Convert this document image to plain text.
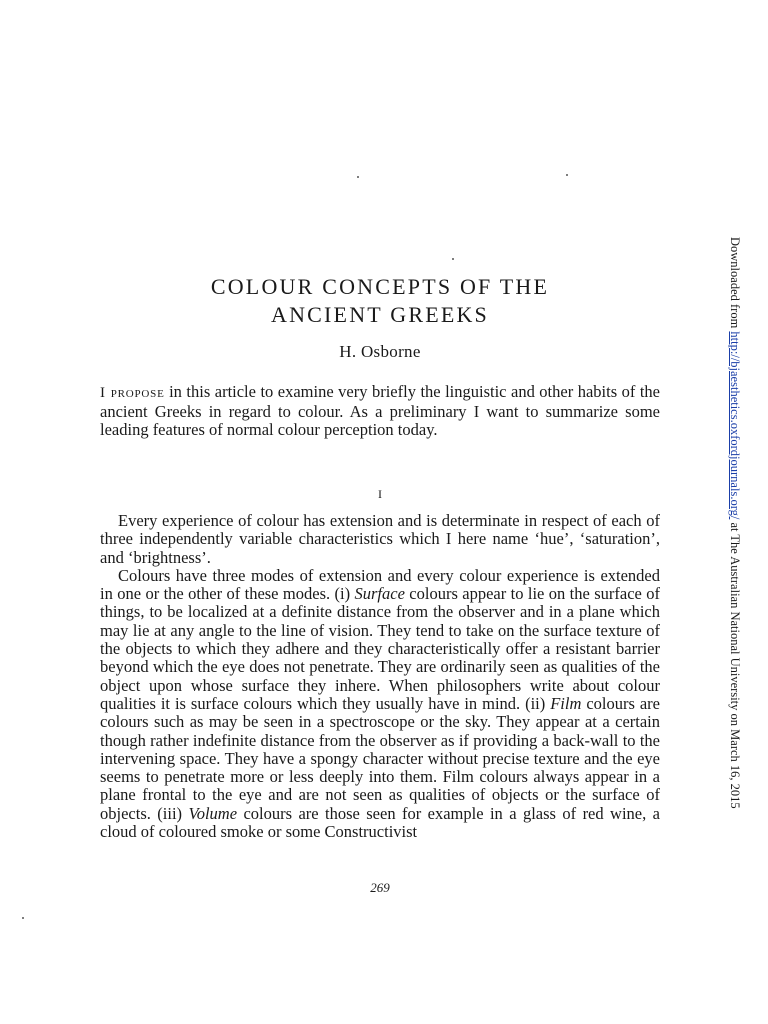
COLOUR CONCEPTS OF THE
ANCIENT GREEKS
H. Osborne

I propose in this article to examine very briefly the linguistic and other habits of the ancient Greeks in regard to colour. As a preliminary I want to summarize some leading features of normal colour perception today.

I

Every experience of colour has extension and is determinate in respect of each of three independently variable characteristics which I here name ‘hue’, ‘saturation’, and ‘brightness’.

Colours have three modes of extension and every colour experience is extended in one or the other of these modes. (i) Surface colours appear to lie on the surface of things, to be localized at a definite distance from the observer and in a plane which may lie at any angle to the line of vision. They tend to take on the surface texture of the objects to which they adhere and they characteristically offer a resistant barrier beyond which the eye does not penetrate. They are ordinarily seen as qualities of the object upon whose surface they inhere. When philosophers write about colour qualities it is surface colours which they usually have in mind. (ii) Film colours are colours such as may be seen in a spectroscope or the sky. They appear at a certain though rather indefinite distance from the observer as if providing a back-wall to the intervening space. They have a spongy character without precise texture and the eye seems to penetrate more or less deeply into them. Film colours always appear in a plane frontal to the eye and are not seen as qualities of objects or the surface of objects. (iii) Volume colours are those seen for example in a glass of red wine, a cloud of coloured smoke or some Constructivist

269
Downloaded from http://bjaesthetics.oxfordjournals.org/ at The Australian National University on March 16, 2015
